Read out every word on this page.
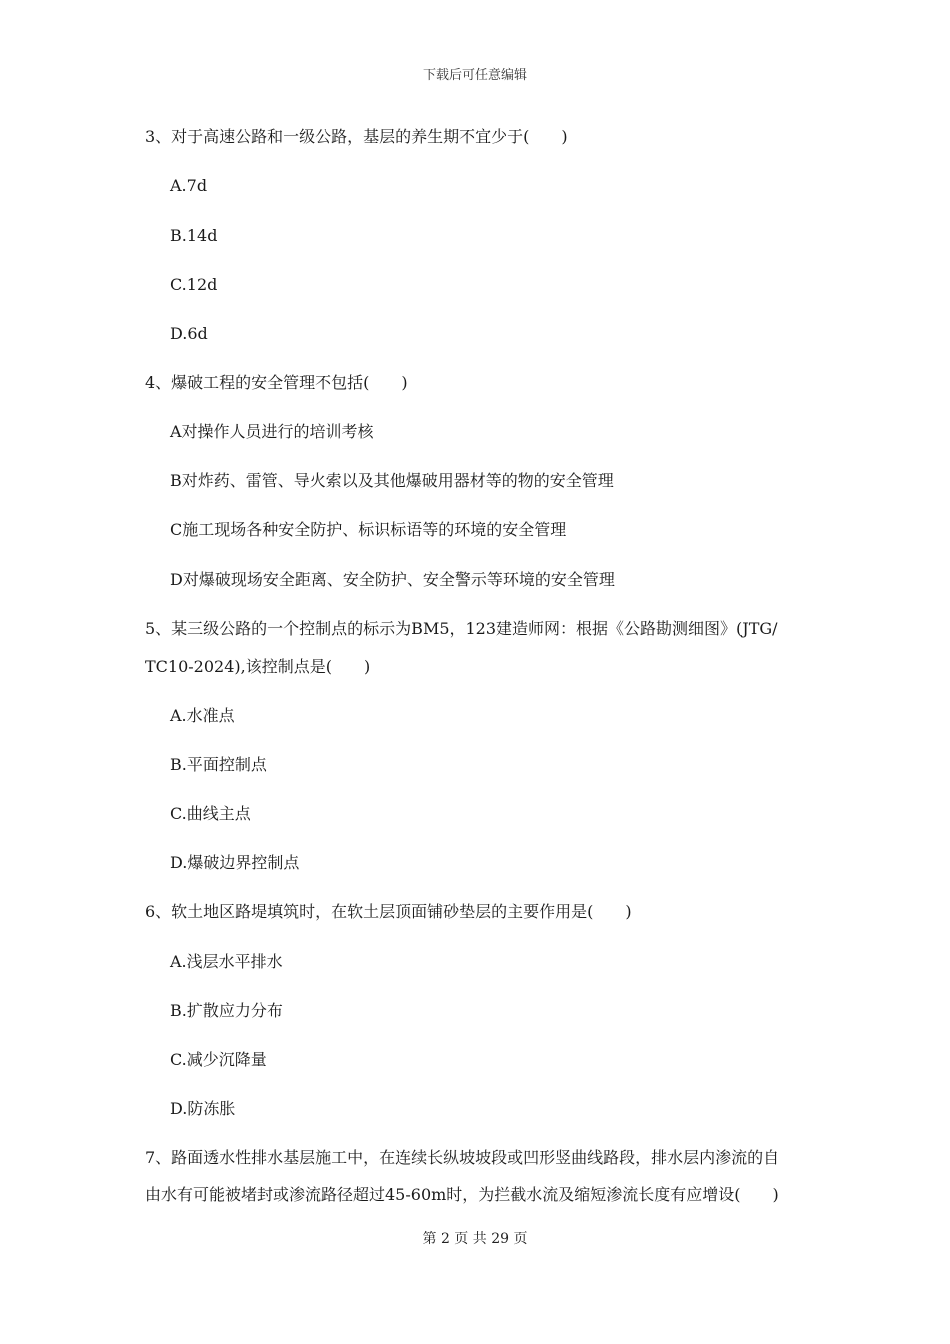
下载后可任意编辑
3、对于高速公路和一级公路，基层的养生期不宜少于(　　)
A.7d
B.14d
C.12d
D.6d
4、爆破工程的安全管理不包括(　　)
A对操作人员进行的培训考核
B对炸药、雷管、导火索以及其他爆破用器材等的物的安全管理
C施工现场各种安全防护、标识标语等的环境的安全管理
D对爆破现场安全距离、安全防护、安全警示等环境的安全管理
5、某三级公路的一个控制点的标示为BM5，123建造师网：根据《公路勘测细图》(JTG/
TC10-2024),该控制点是(　　)
A.水准点
B.平面控制点
C.曲线主点
D.爆破边界控制点
6、软土地区路堤填筑时，在软土层顶面铺砂垫层的主要作用是(　　)
A.浅层水平排水
B.扩散应力分布
C.减少沉降量
D.防冻胀
7、路面透水性排水基层施工中，在连续长纵坡坡段或凹形竖曲线路段，排水层内渗流的自
由水有可能被堵封或渗流路径超过45-60m时，为拦截水流及缩短渗流长度有应增设(　　)
第 2 页 共 29 页
